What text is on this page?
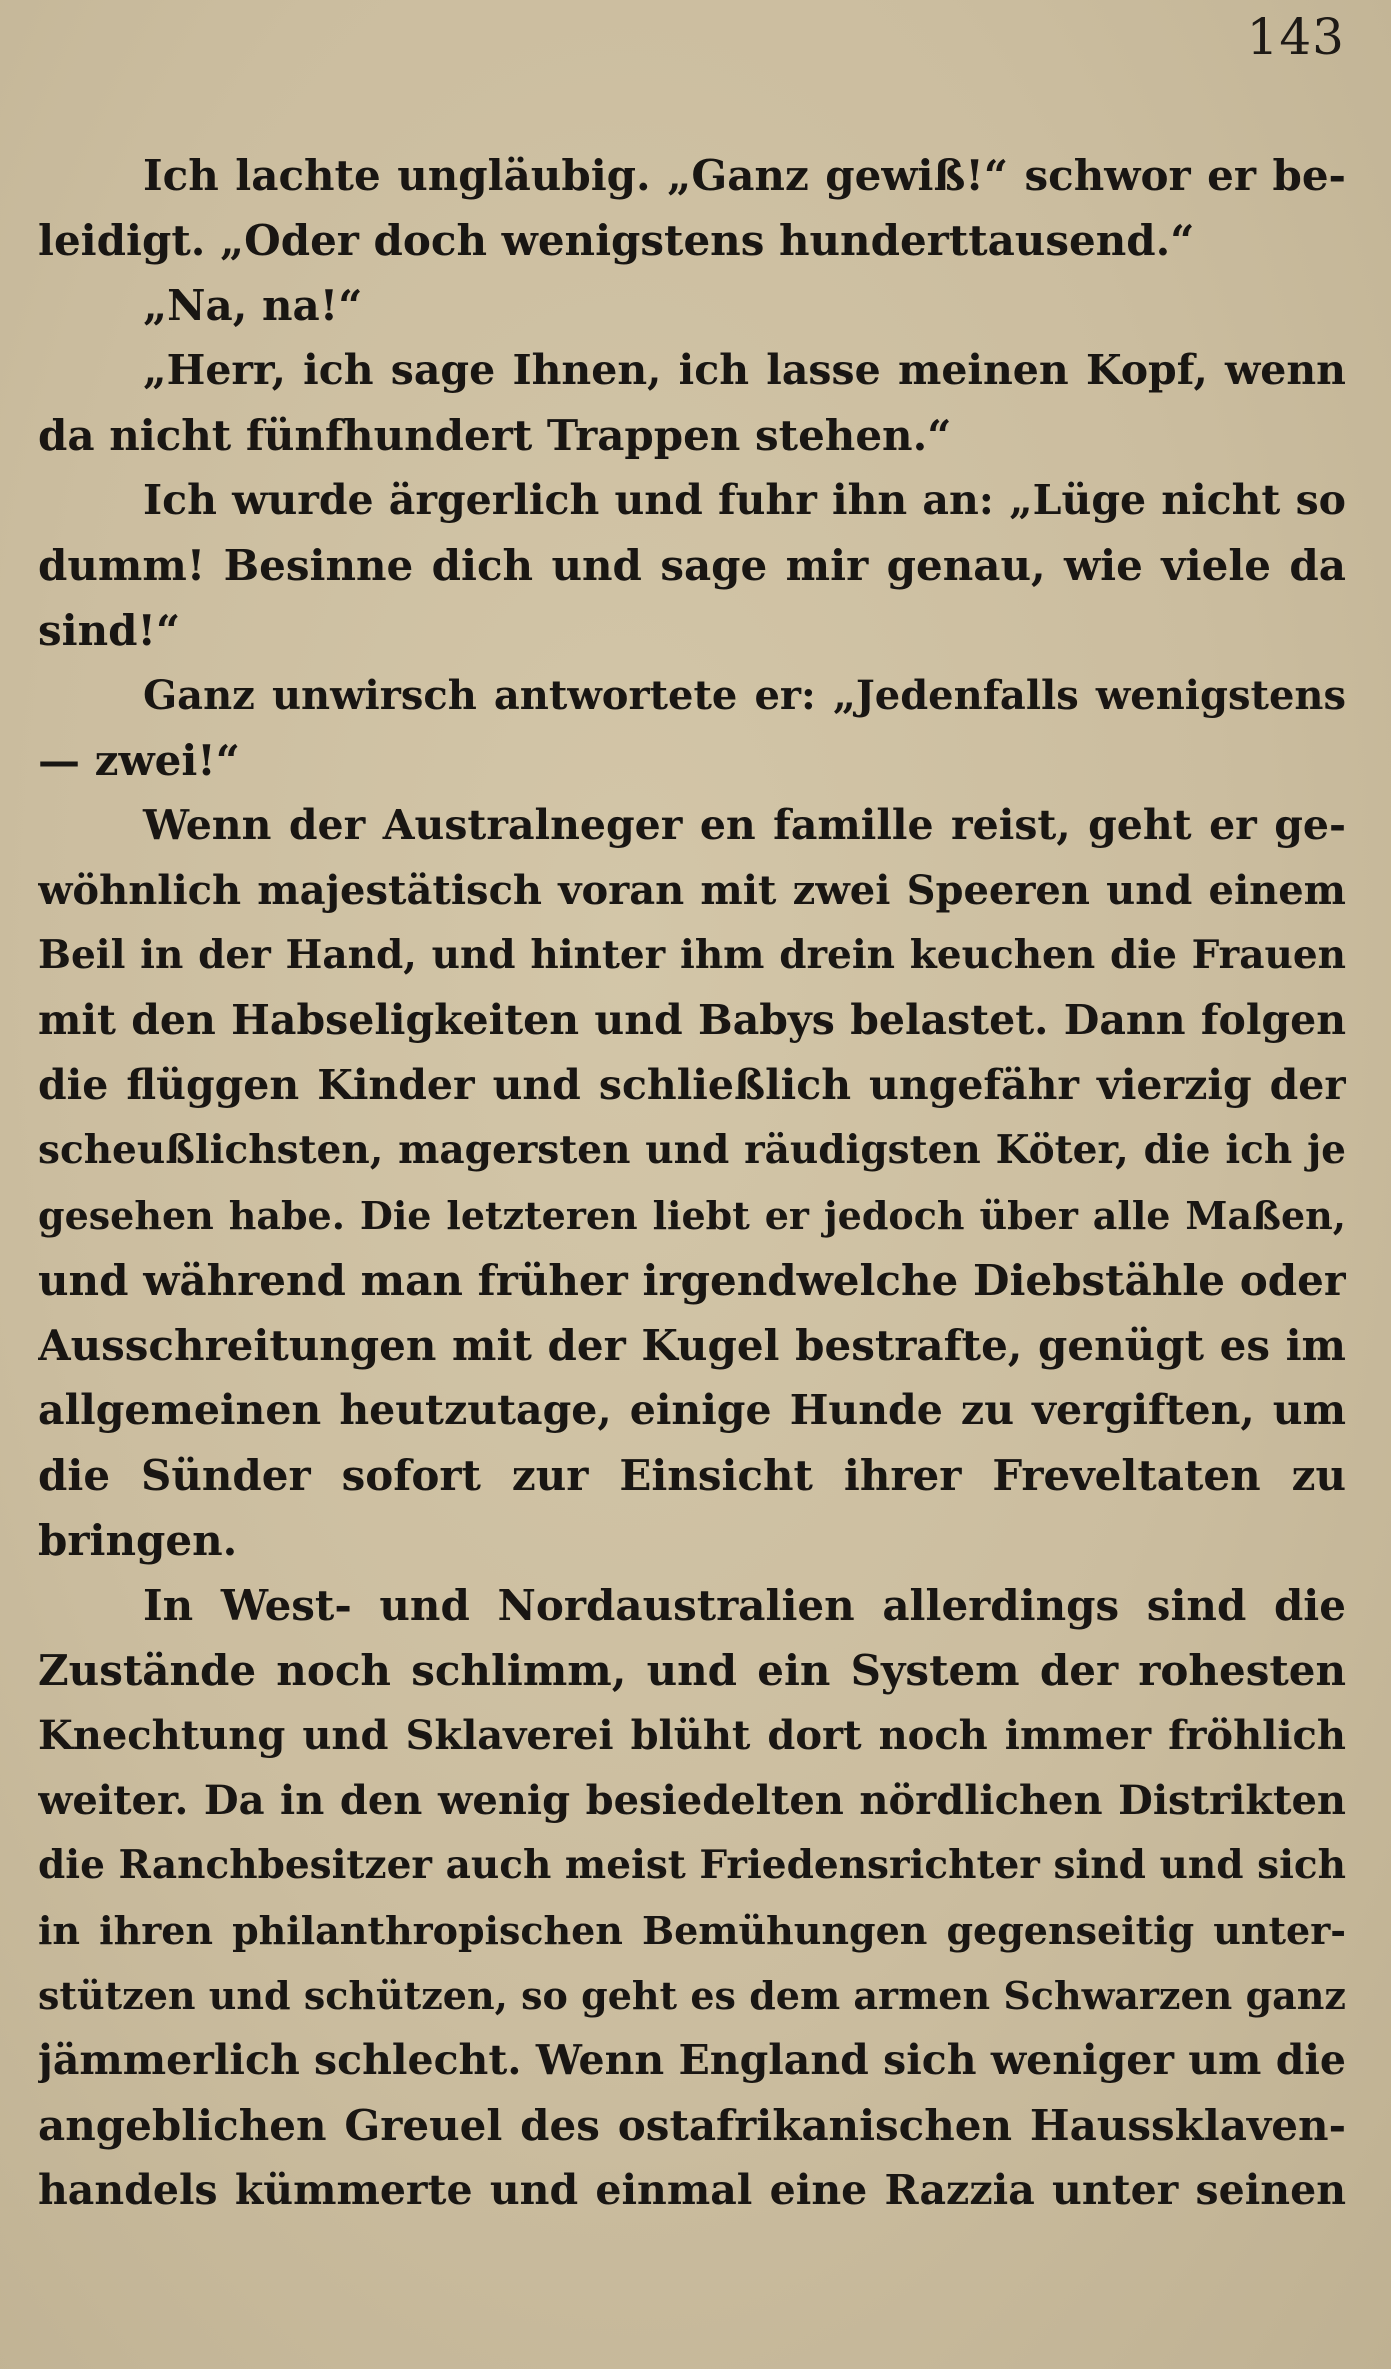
143
Ich lachte ungläubig. „Ganz gewiß!“ schwor er be-
leidigt. „Oder doch wenigstens hunderttausend.“
„Na, na!“
„Herr, ich sage Ihnen, ich lasse meinen Kopf, wenn
da nicht fünfhundert Trappen stehen.“
Ich wurde ärgerlich und fuhr ihn an: „Lüge nicht so
dumm! Besinne dich und sage mir genau, wie viele da
sind!“
Ganz unwirsch antwortete er: „Jedenfalls wenigstens
— zwei!“
Wenn der Australneger en famille reist, geht er ge-
wöhnlich majestätisch voran mit zwei Speeren und einem
Beil in der Hand, und hinter ihm drein keuchen die Frauen
mit den Habseligkeiten und Babys belastet. Dann folgen
die flüggen Kinder und schließlich ungefähr vierzig der
scheußlichsten, magersten und räudigsten Köter, die ich je
gesehen habe. Die letzteren liebt er jedoch über alle Maßen,
und während man früher irgendwelche Diebstähle oder
Ausschreitungen mit der Kugel bestrafte, genügt es im
allgemeinen heutzutage, einige Hunde zu vergiften, um
die Sünder sofort zur Einsicht ihrer Freveltaten zu
bringen.
In West- und Nordaustralien allerdings sind die
Zustände noch schlimm, und ein System der rohesten
Knechtung und Sklaverei blüht dort noch immer fröhlich
weiter. Da in den wenig besiedelten nördlichen Distrikten
die Ranchbesitzer auch meist Friedensrichter sind und sich
in ihren philanthropischen Bemühungen gegenseitig unter-
stützen und schützen, so geht es dem armen Schwarzen ganz
jämmerlich schlecht. Wenn England sich weniger um die
angeblichen Greuel des ostafrikanischen Haussklaven-
handels kümmerte und einmal eine Razzia unter seinen
